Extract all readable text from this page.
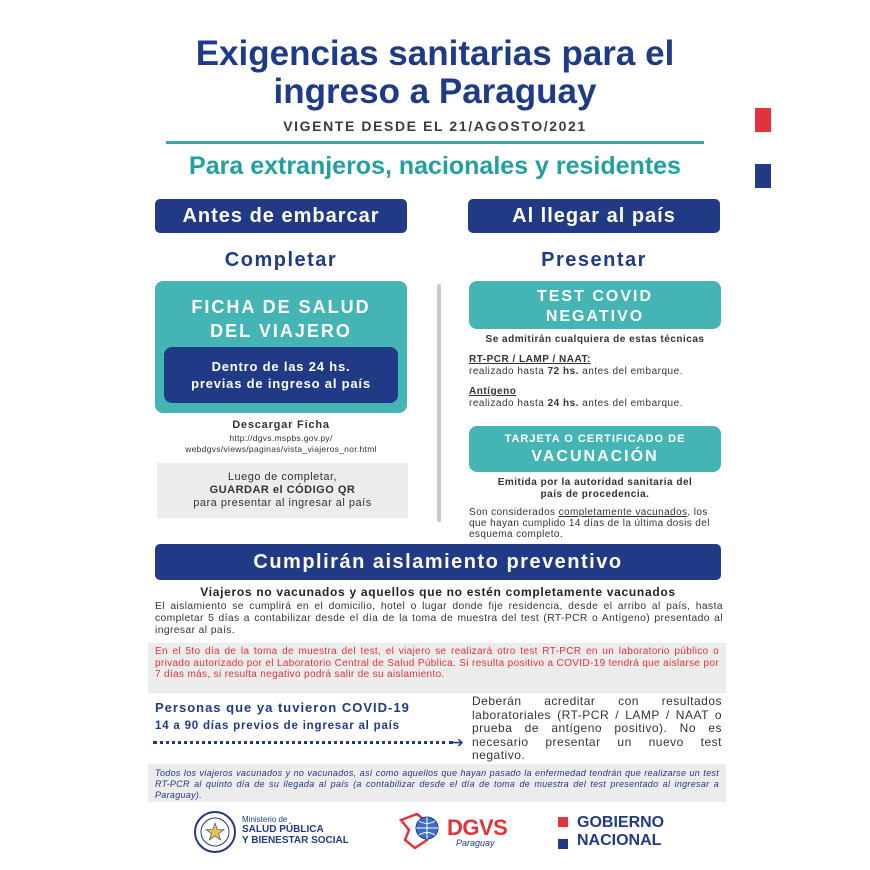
Exigencias sanitarias para el
ingreso a Paraguay
VIGENTE DESDE EL 21/AGOSTO/2021
Para extranjeros, nacionales y residentes
Antes de embarcar	Al llegar al país
Completar	Presentar
FICHA DE SALUD
DEL VIAJERO
Dentro de las 24 hs.
previas de ingreso al país
Descargar Ficha
http://dgvs.mspbs.gov.py/
webdgvs/views/paginas/vista_viajeros_nor.html
Luego de completar,
GUARDAR el CÓDIGO QR
para presentar al ingresar al país
TEST COVID
NEGATIVO
Se admitirán cualquiera de estas técnicas
RT-PCR / LAMP / NAAT:
realizado hasta 72 hs. antes del embarque.
Antígeno
realizado hasta 24 hs. antes del embarque.
TARJETA O CERTIFICADO DE
VACUNACIÓN
Emitida por la autoridad sanitaria del
país de procedencia.
Son considerados completamente vacunados, los que hayan cumplido 14 días de la última dosis del esquema completo.
Cumplirán aislamiento preventivo
Viajeros no vacunados y aquellos que no estén completamente vacunados
El aislamiento se cumplirá en el domicilio, hotel o lugar donde fije residencia, desde el arribo al país, hasta completar 5 días a contabilizar desde el día de la toma de muestra del test (RT-PCR o Antígeno) presentado al ingresar al país.
En el 5to día de la toma de muestra del test, el viajero se realizará otro test RT-PCR en un laboratorio público o privado autorizado por el Laboratorio Central de Salud Pública. Si resulta positivo a COVID-19 tendrá que aislarse por 7 días más, si resulta negativo podrá salir de su aislamiento.
Personas que ya tuvieron COVID-19
14 a 90 días previos de ingresar al país
➔
Deberán acreditar con resultados laboratoriales (RT-PCR / LAMP / NAAT o prueba de antígeno positivo). No es necesario presentar un nuevo test negativo.
Todos los viajeros vacunados y no vacunados, así como aquellos que hayan pasado la enfermedad tendrán que realizarse un test RT-PCR al quinto día de su llegada al país (a contabilizar desde el día de toma de muestra del test presentado al ingresar a Paraguay).
Ministerio de
SALUD PÚBLICA
Y BIENESTAR SOCIAL
DGVS
Paraguay
GOBIERNO
NACIONAL
